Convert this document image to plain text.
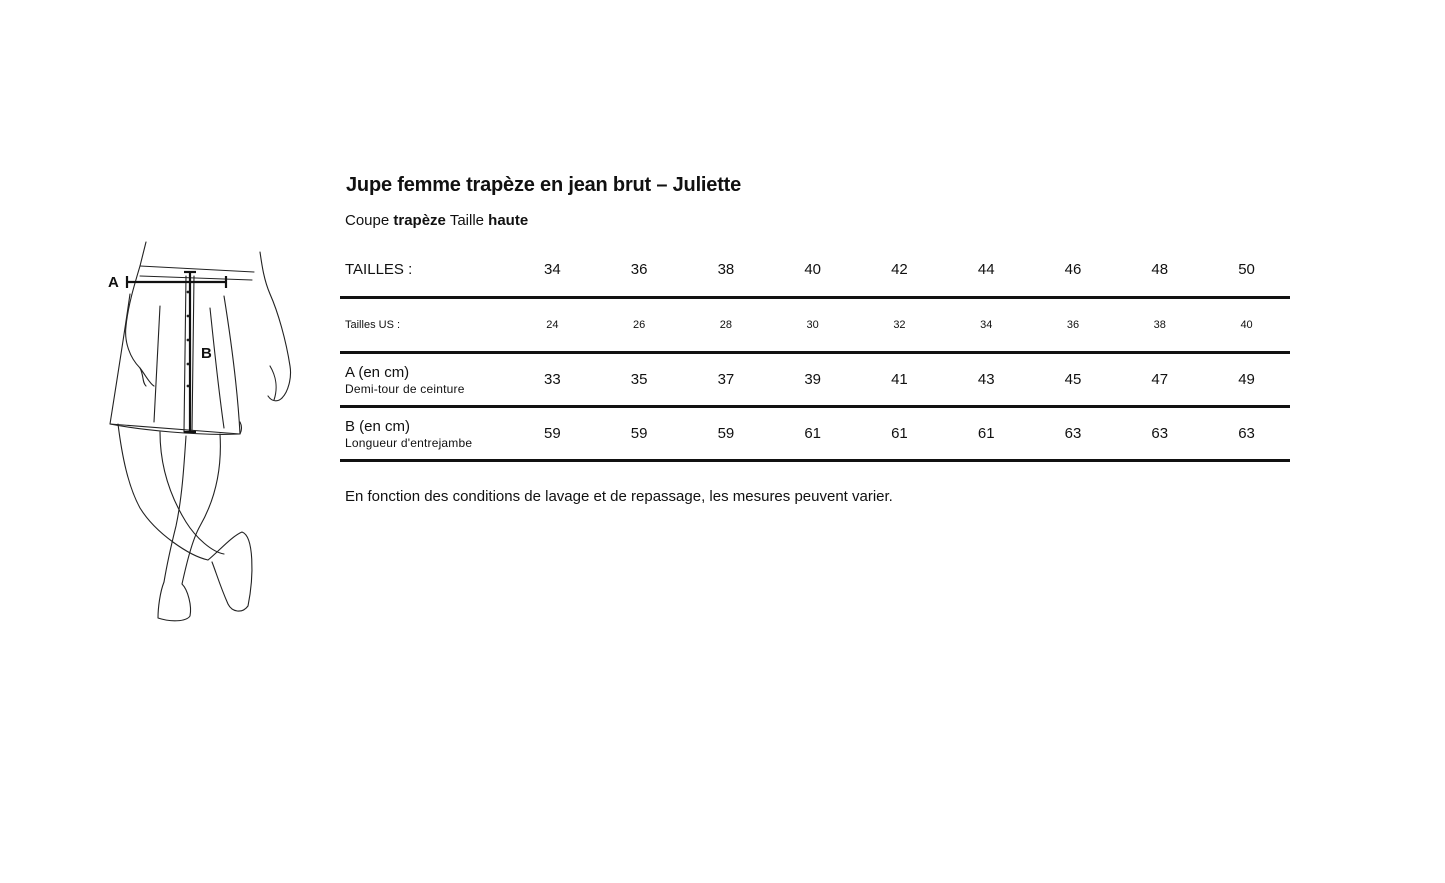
A
B
Jupe femme trapèze en jean brut – Juliette
Coupe trapèze Taille haute
TAILLES :	34	36	38	40	42	44	46	48	50
Tailles US :	24	26	28	30	32	34	36	38	40

A (en cm)
Demi-tour de ceinture	33	35	37	39	41	43	45	47	49

B (en cm)
Longueur d'entrejambe	59	59	59	61	61	61	63	63	63
En fonction des conditions de lavage et de repassage, les mesures peuvent varier.
